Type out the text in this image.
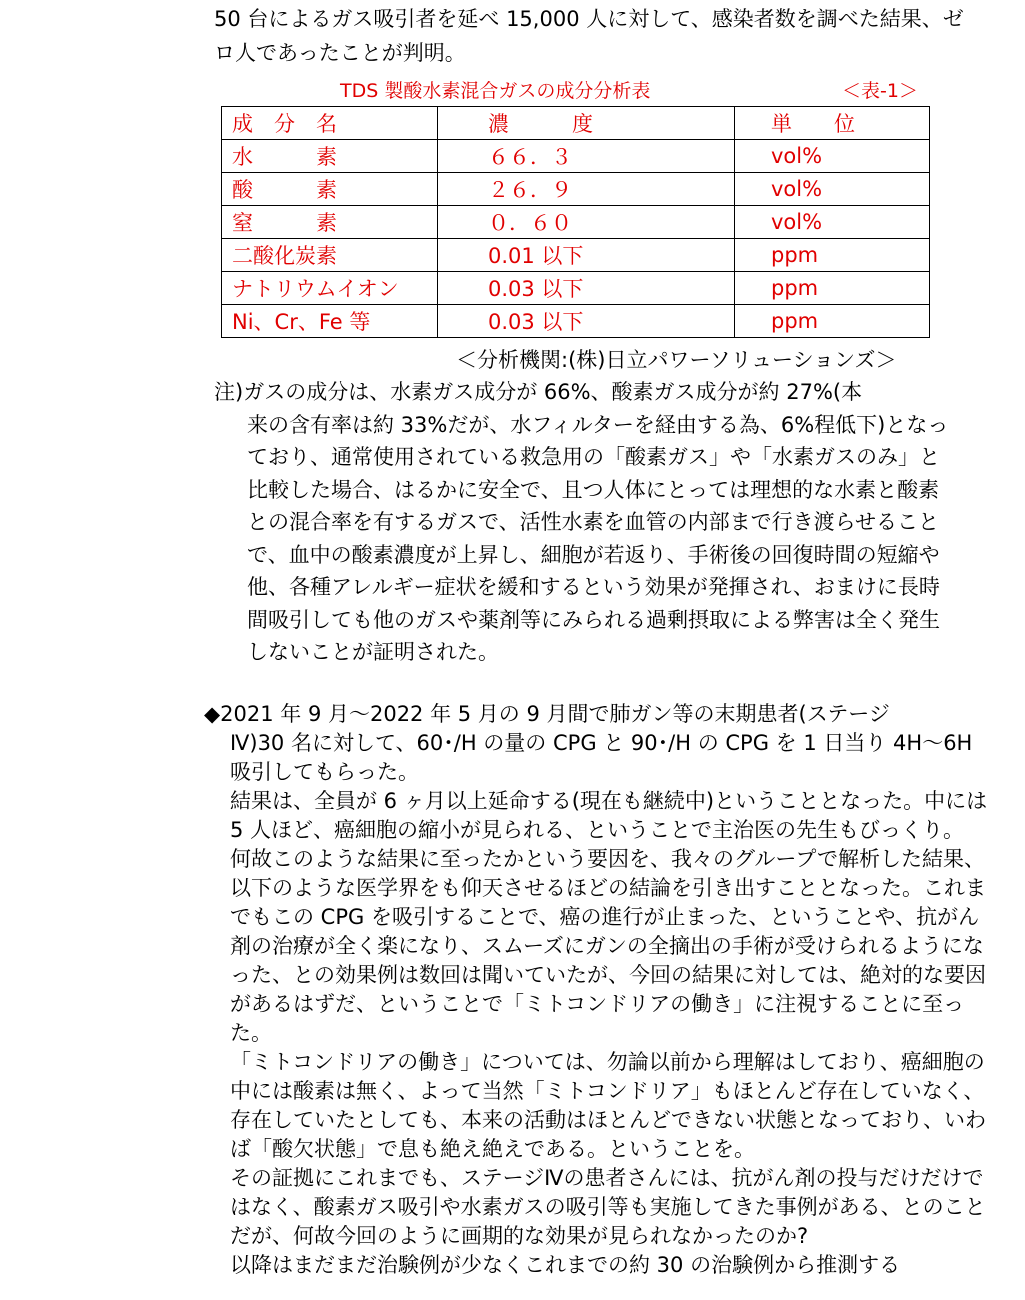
50 台によるガス吸引者を延べ 15,000 人に対して、感染者数を調べた結果、ゼロ人であったことが判明。

TDS 製酸水素混合ガスの成分分析表	＜表-1＞

成　分　名	濃　　　度	単　　位
水　　　素	６６．３	vol%
酸　　　素	２６．９	vol%
窒　　　素	０．６０	vol%
二酸化炭素	0.01 以下	ppm
ナトリウムイオン	0.03 以下	ppm
Ni、Cr、Fe 等	0.03 以下	ppm

＜分析機関:(株)日立パワーソリューションズ＞

注)ガスの成分は、水素ガス成分が 66%、酸素ガス成分が約 27%(本
来の含有率は約 33%だが、水フィルターを経由する為、6%程低下)となっており、通常使用されている救急用の「酸素ガス」や「水素ガスのみ」と比較した場合、はるかに安全で、且つ人体にとっては理想的な水素と酸素との混合率を有するガスで、活性水素を血管の内部まで行き渡らせることで、血中の酸素濃度が上昇し、細胞が若返り、手術後の回復時間の短縮や他、各種アレルギー症状を緩和するという効果が発揮され、おまけに長時間吸引しても他のガスや薬剤等にみられる過剰摂取による弊害は全く発生しないことが証明された。

◆2021 年 9 月～2022 年 5 月の 9 月間で肺ガン等の末期患者(ステージ
Ⅳ)30 名に対して、60･/H の量の CPG と 90･/H の CPG を 1 日当り 4H～6H 吸引してもらった。

結果は、全員が 6 ヶ月以上延命する(現在も継続中)ということとなった。中には 5 人ほど、癌細胞の縮小が見られる、ということで主治医の先生もびっくり。

何故このような結果に至ったかという要因を、我々のグループで解析した結果、以下のような医学界をも仰天させるほどの結論を引き出すこととなった。これまでもこの CPG を吸引することで、癌の進行が止まった、ということや、抗がん剤の治療が全く楽になり、スムーズにガンの全摘出の手術が受けられるようになった、との効果例は数回は聞いていたが、今回の結果に対しては、絶対的な要因があるはずだ、ということで「ミトコンドリアの働き」に注視することに至った。

「ミトコンドリアの働き」については、勿論以前から理解はしており、癌細胞の中には酸素は無く、よって当然「ミトコンドリア」もほとんど存在していなく、存在していたとしても、本来の活動はほとんどできない状態となっており、いわば「酸欠状態」で息も絶え絶えである。ということを。

その証拠にこれまでも、ステージⅣの患者さんには、抗がん剤の投与だけだけではなく、酸素ガス吸引や水素ガスの吸引等も実施してきた事例がある、とのことだが、何故今回のように画期的な効果が見られなかったのか?

以降はまだまだ治験例が少なくこれまでの約 30 の治験例から推測する
